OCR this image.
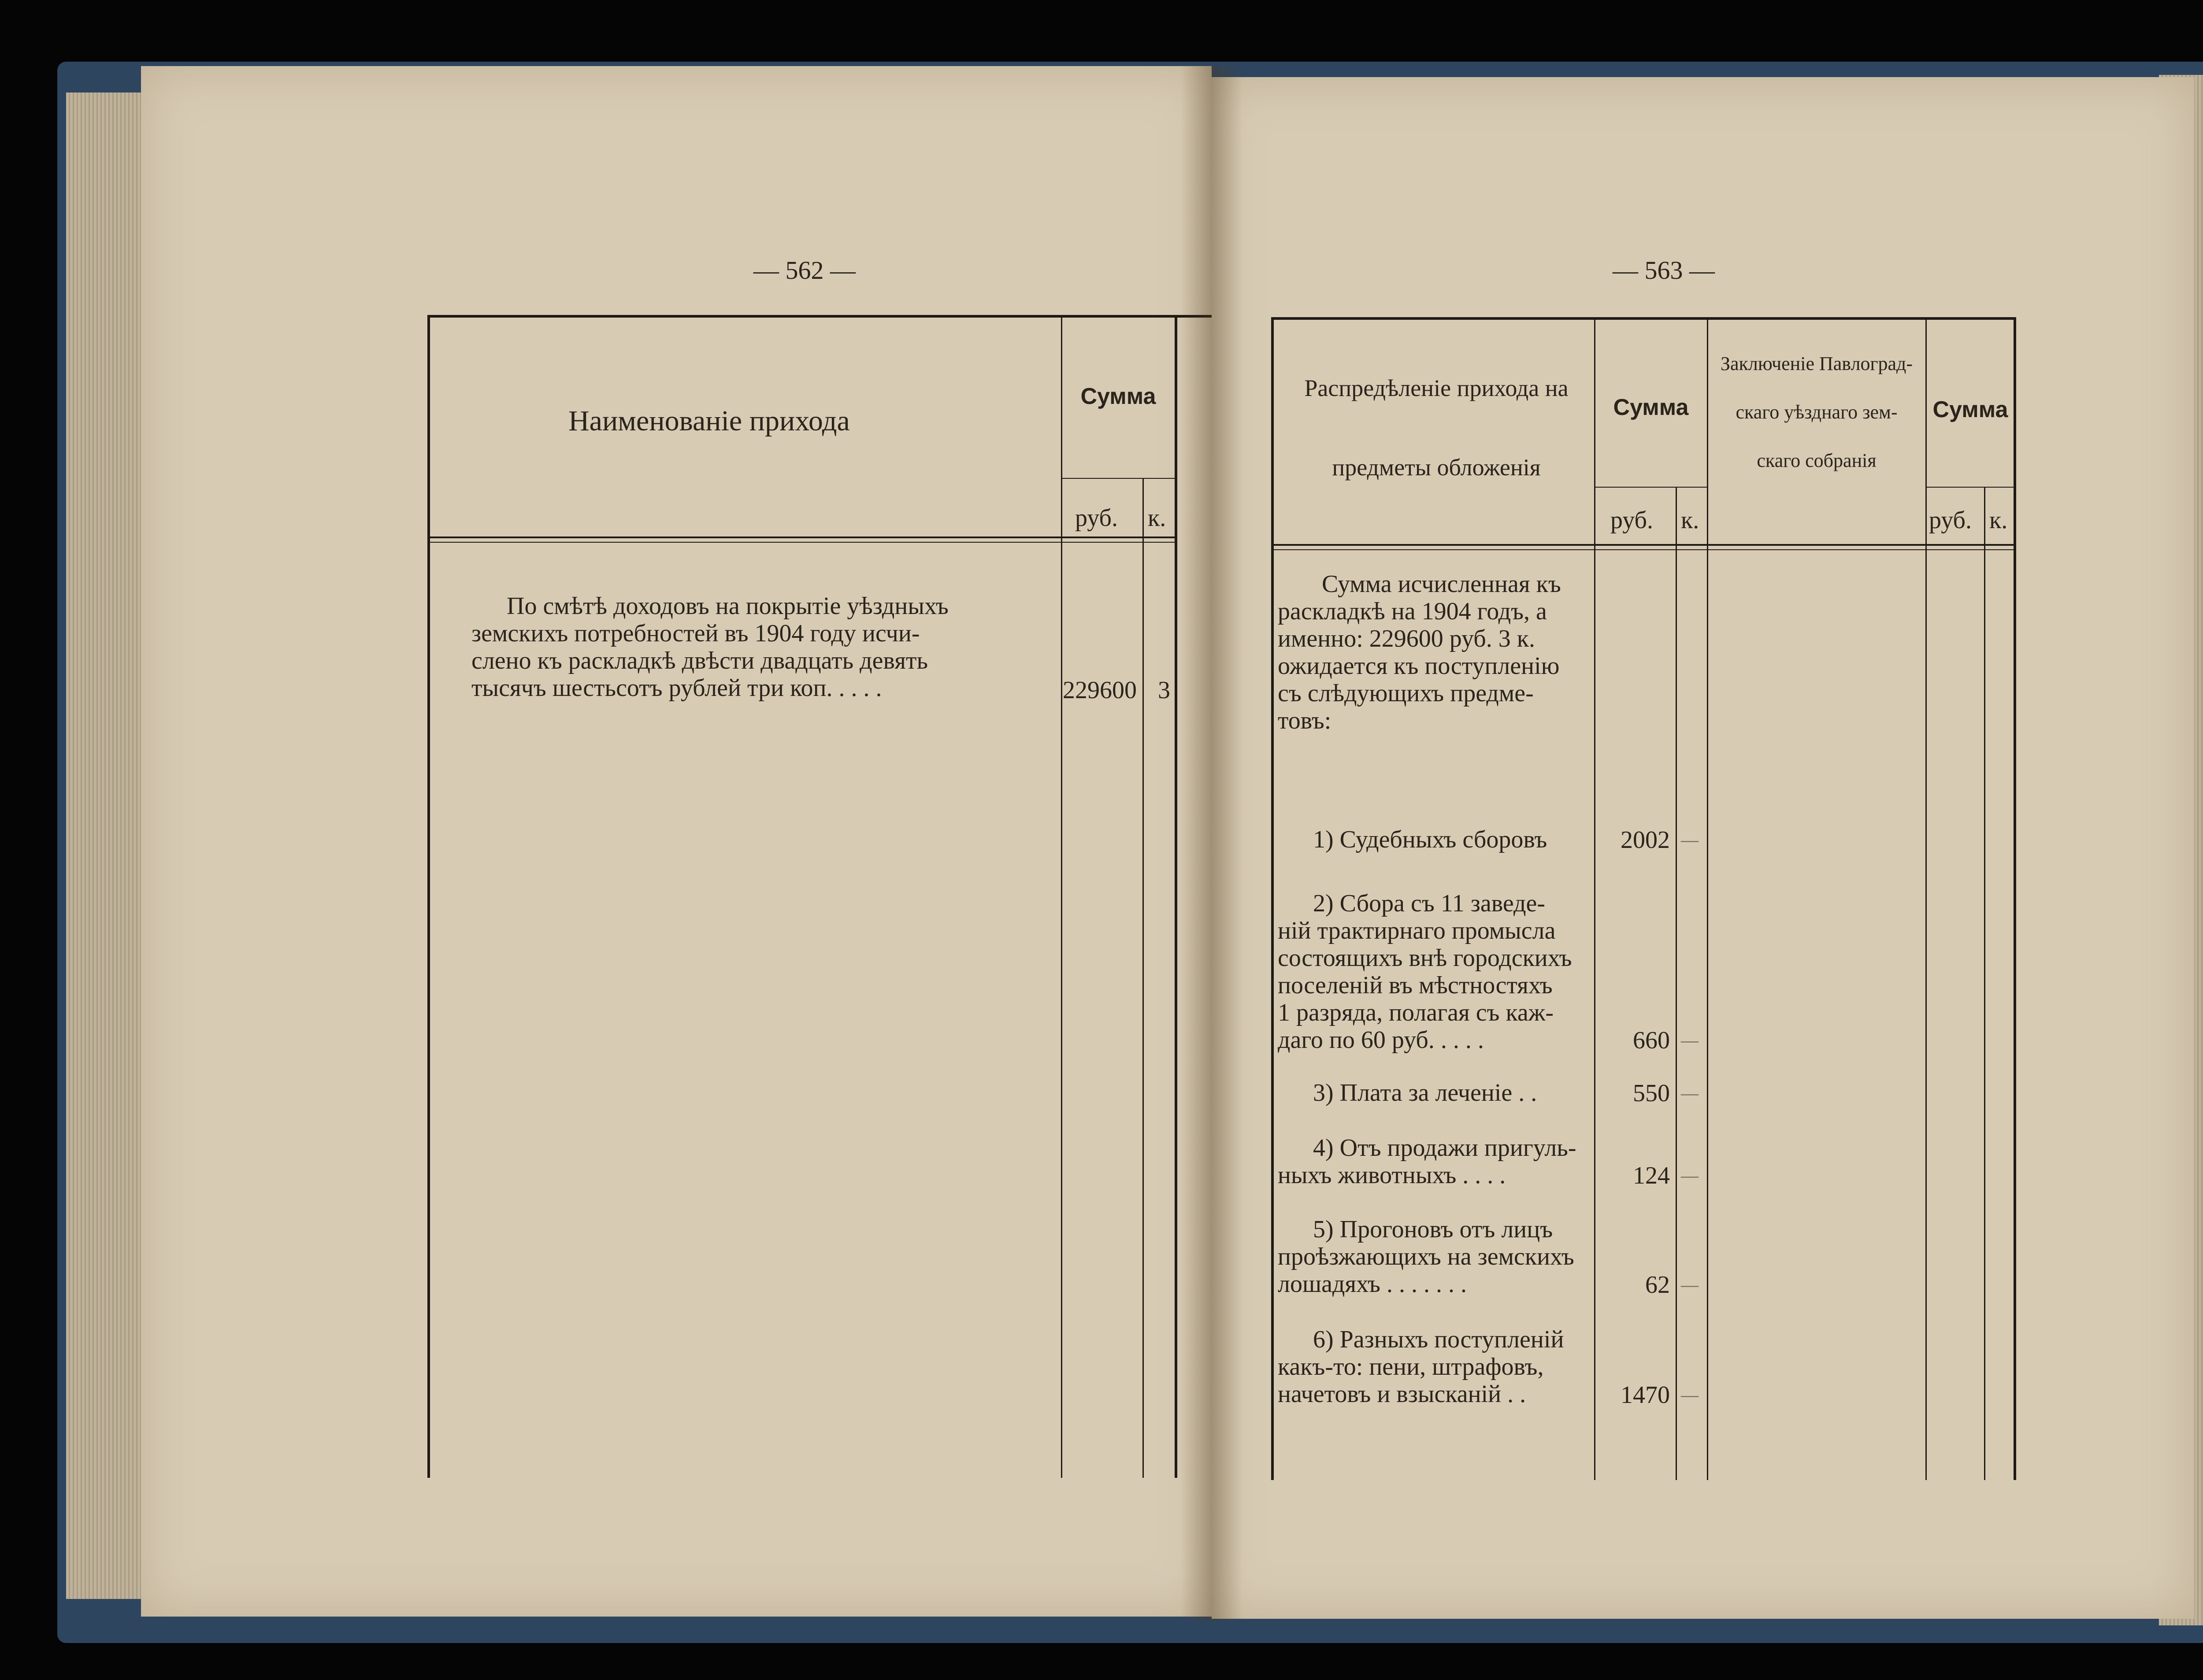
— 562 —
Наименованіе прихода
Сумма
руб. к.
По смѣтѣ доходовъ на покрытіе уѣздныхъ
земскихъ потребностей въ 1904 году исчи-
слено къ раскладкѣ двѣсти двадцать девять
тысячъ шестьсотъ рублей три коп. . . . .	229600 3
— 563 —
Распредѣленіе прихода на
предметы обложенія
Сумма
руб. к.
Заключеніе Павлоград-
скаго уѣзднаго зем-
скаго собранія
Сумма
руб. к.
Сумма исчисленная къ
раскладкѣ на 1904 годъ, а
именно: 229600 руб. 3 к.
ожидается къ поступленію
съ слѣдующихъ предме-
товъ:
1) Судебныхъ сборовъ	2002 —
2) Сбора съ 11 заведе-
ній трактирнаго промысла
состоящихъ внѣ городскихъ
поселеній въ мѣстностяхъ
1 разряда, полагая съ каж-
даго по 60 руб. . . . .	660 —
3) Плата за леченіе . .	550 —
4) Отъ продажи пригуль-
ныхъ животныхъ . . . .	124 —
5) Прогоновъ отъ лицъ
проѣзжающихъ на земскихъ
лошадяхъ . . . . . . .	62 —
6) Разныхъ поступленій
какъ-то: пени, штрафовъ,
начетовъ и взысканій . .	1470 —
